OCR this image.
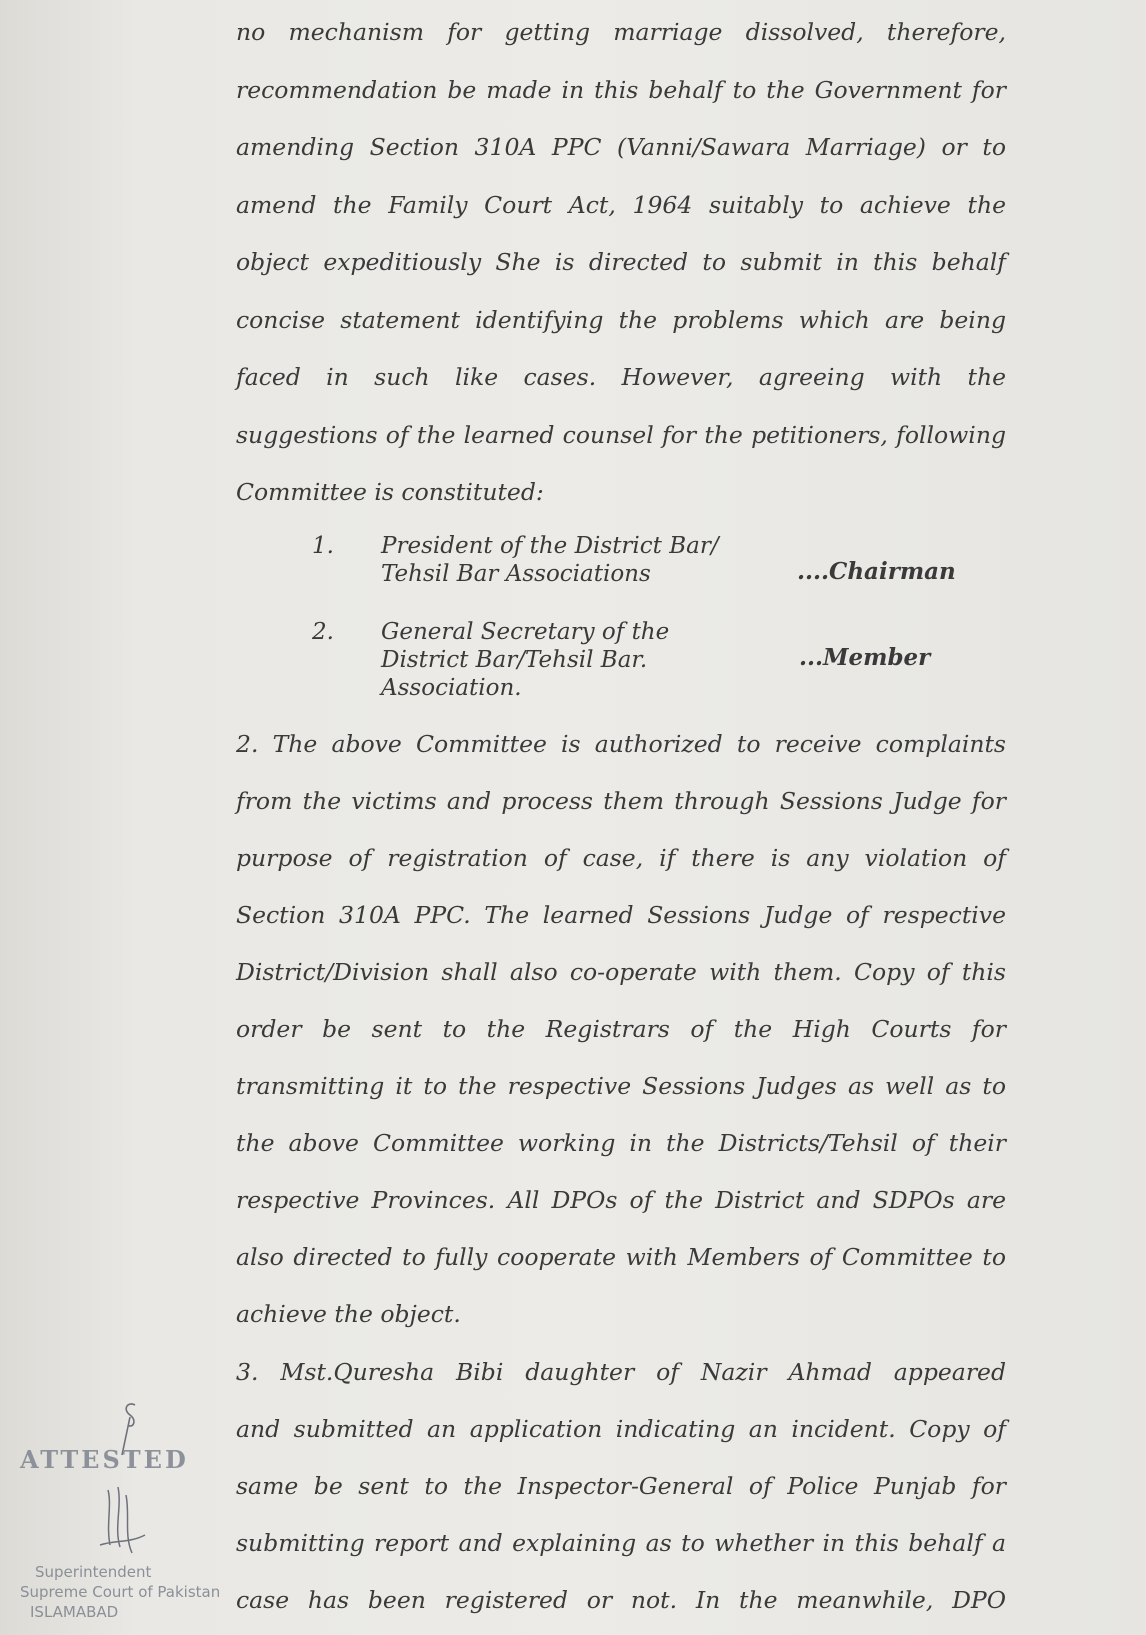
no mechanism for getting marriage dissolved, therefore,
recommendation be made in this behalf to the Government for
amending Section 310A PPC (Vanni/Sawara Marriage) or to
amend the Family Court Act, 1964 suitably to achieve the
object expeditiously She is directed to submit in this behalf
concise statement identifying the problems which are being
faced in such like cases. However, agreeing with the
suggestions of the learned counsel for the petitioners, following
Committee is constituted:
1. President of the District Bar/
Tehsil Bar Associations	....Chairman
2. General Secretary of the
District Bar/Tehsil Bar.
Association.
...Member
2. The above Committee is authorized to receive complaints
from the victims and process them through Sessions Judge for
purpose of registration of case, if there is any violation of
Section 310A PPC. The learned Sessions Judge of respective
District/Division shall also co-operate with them. Copy of this
order be sent to the Registrars of the High Courts for
transmitting it to the respective Sessions Judges as well as to
the above Committee working in the Districts/Tehsil of their
respective Provinces. All DPOs of the District and SDPOs are
also directed to fully cooperate with Members of Committee to
achieve the object.
3. Mst.Quresha Bibi daughter of Nazir Ahmad appeared
and submitted an application indicating an incident. Copy of
same be sent to the Inspector-General of Police Punjab for
submitting report and explaining as to whether in this behalf a
case has been registered or not. In the meanwhile, DPO
ATTESTED
Superintendent
Supreme Court of Pakistan
ISLAMABAD
